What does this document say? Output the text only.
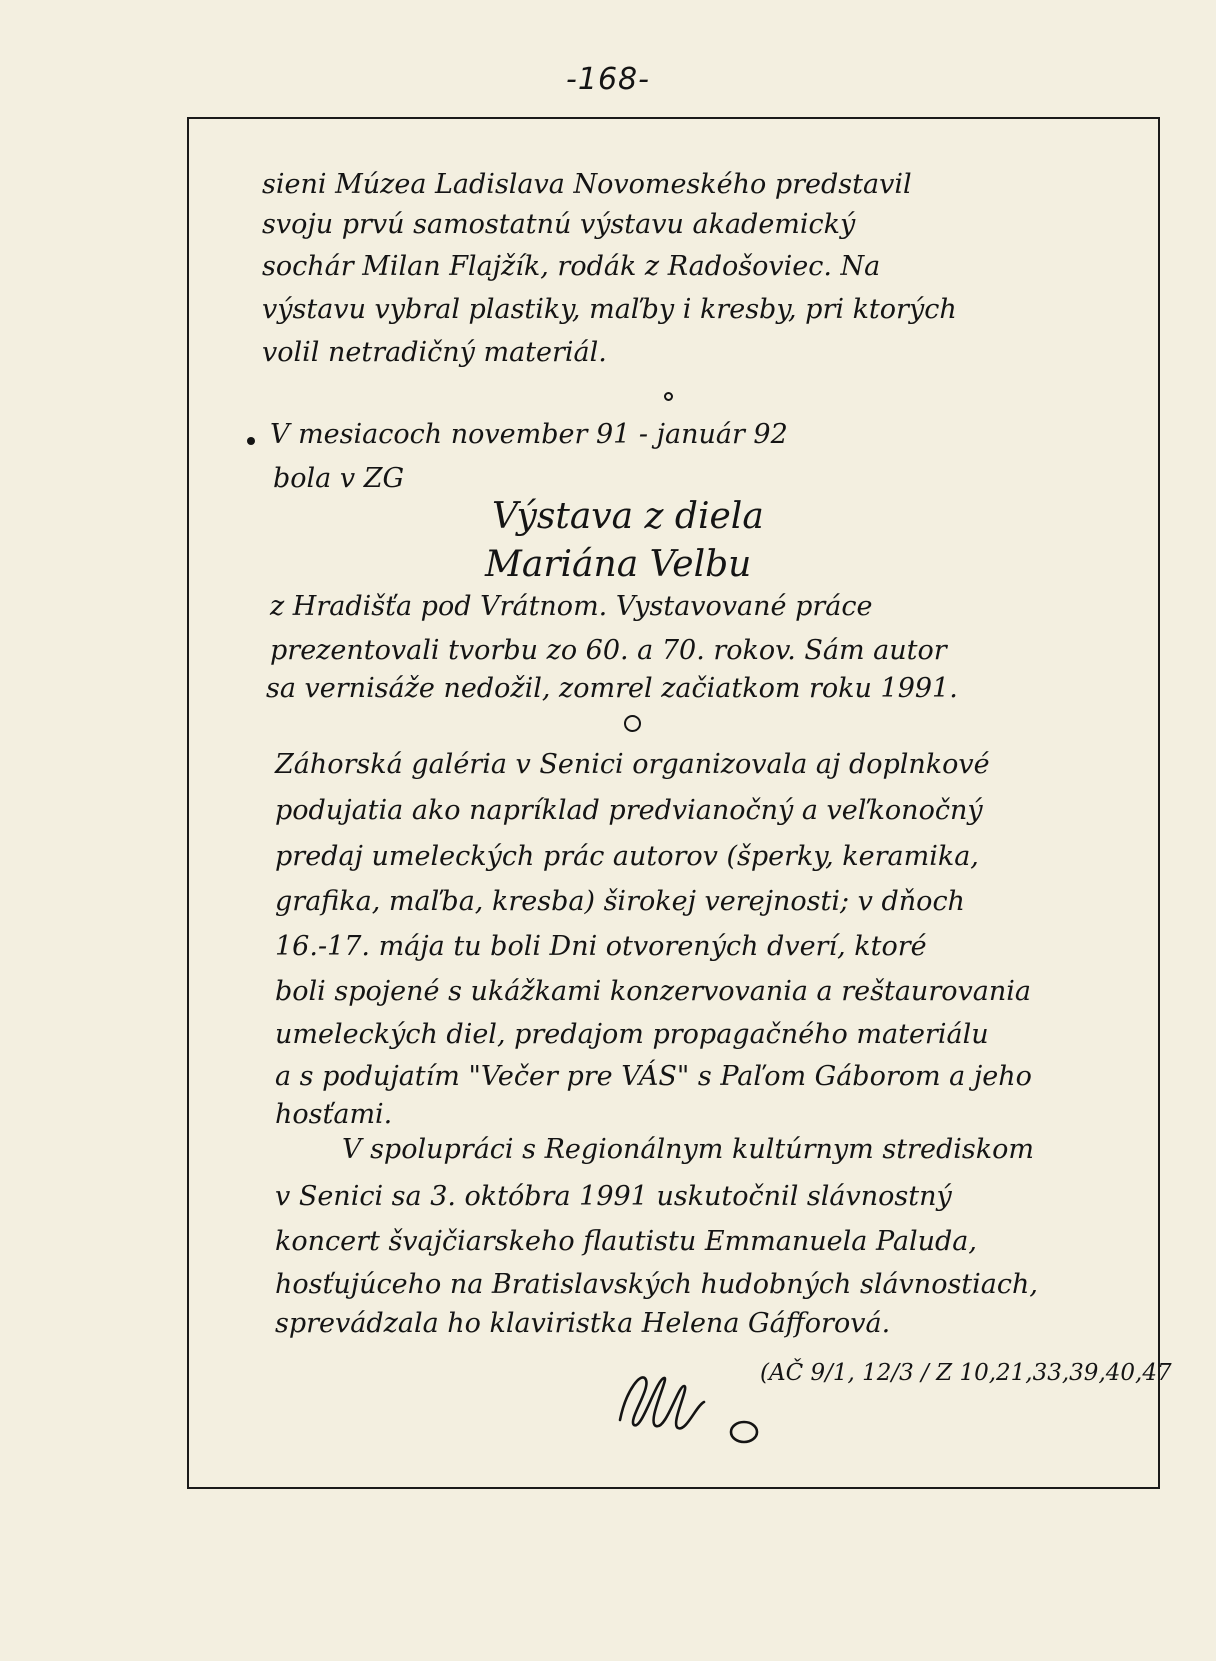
-168-
sieni Múzea Ladislava Novomeského predstavil
svoju prvú samostatnú výstavu akademický
sochár Milan Flajžík, rodák z Radošoviec. Na
výstavu vybral plastiky, maľby i kresby, pri ktorých
volil netradičný materiál.
V mesiacoch november 91 - január 92
bola v ZG
Výstava z diela
Mariána Velbu
z Hradišťa pod Vrátnom. Vystavované práce
prezentovali tvorbu zo 60. a 70. rokov. Sám autor
sa vernisáže nedožil, zomrel začiatkom roku 1991.
Záhorská galéria v Senici organizovala aj doplnkové
podujatia ako napríklad predvianočný a veľkonočný
predaj umeleckých prác autorov (šperky, keramika,
grafika, maľba, kresba) širokej verejnosti; v dňoch
16.-17. mája tu boli Dni otvorených dverí, ktoré
boli spojené s ukážkami konzervovania a reštaurovania
umeleckých diel, predajom propagačného materiálu
a s podujatím "Večer pre VÁS" s Paľom Gáborom a jeho
hosťami.
V spolupráci s Regionálnym kultúrnym strediskom
v Senici sa 3. októbra 1991 uskutočnil slávnostný
koncert švajčiarskeho flautistu Emmanuela Paluda,
hosťujúceho na Bratislavských hudobných slávnostiach,
sprevádzala ho klaviristka Helena Gáfforová.
(AČ 9/1, 12/3 / Z 10,21,33,39,40,47
